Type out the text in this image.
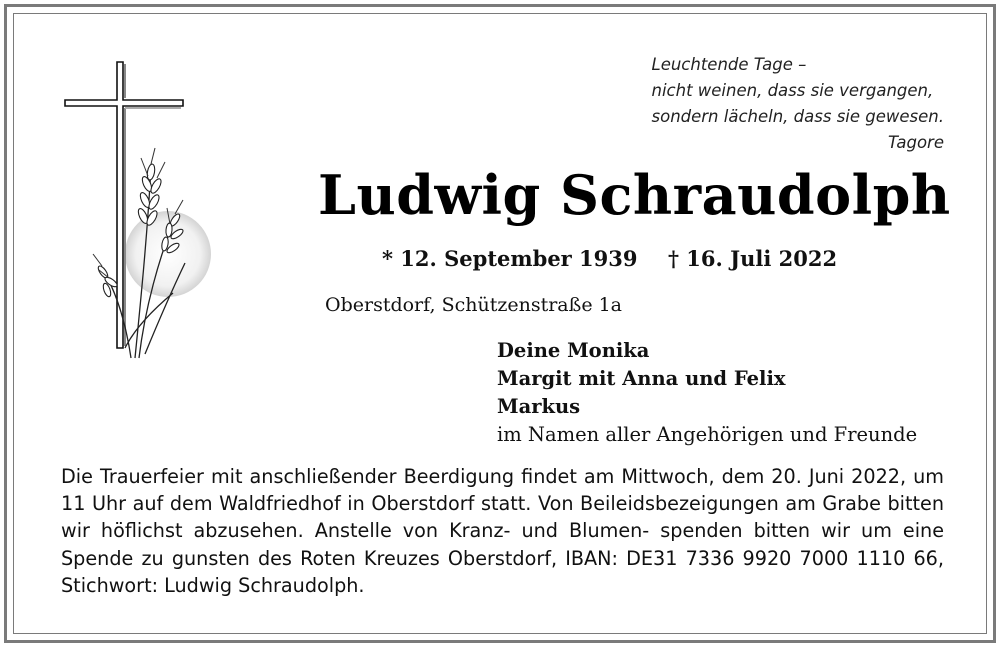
Leuchtende Tage –
nicht weinen, dass sie vergangen,
sondern lächeln, dass sie gewesen.
Tagore
Ludwig Schraudolph
* 12. September 1939 † 16. Juli 2022
Oberstdorf, Schützenstraße 1a
Deine Monika
Margit mit Anna und Felix
Markus
im Namen aller Angehörigen und Freunde
Die Trauerfeier mit anschließender Beerdigung findet am Mittwoch, dem 20. Juni 2022, um 11 Uhr auf dem Waldfriedhof in Oberstdorf statt. Von Beileidsbezeigungen am Grabe bitten wir höflichst abzusehen. Anstelle von Kranz- und Blumen- spenden bitten wir um eine Spende zu gunsten des Roten Kreuzes Oberstdorf, IBAN: DE31 7336 9920 7000 1110 66, Stichwort: Ludwig Schraudolph.
